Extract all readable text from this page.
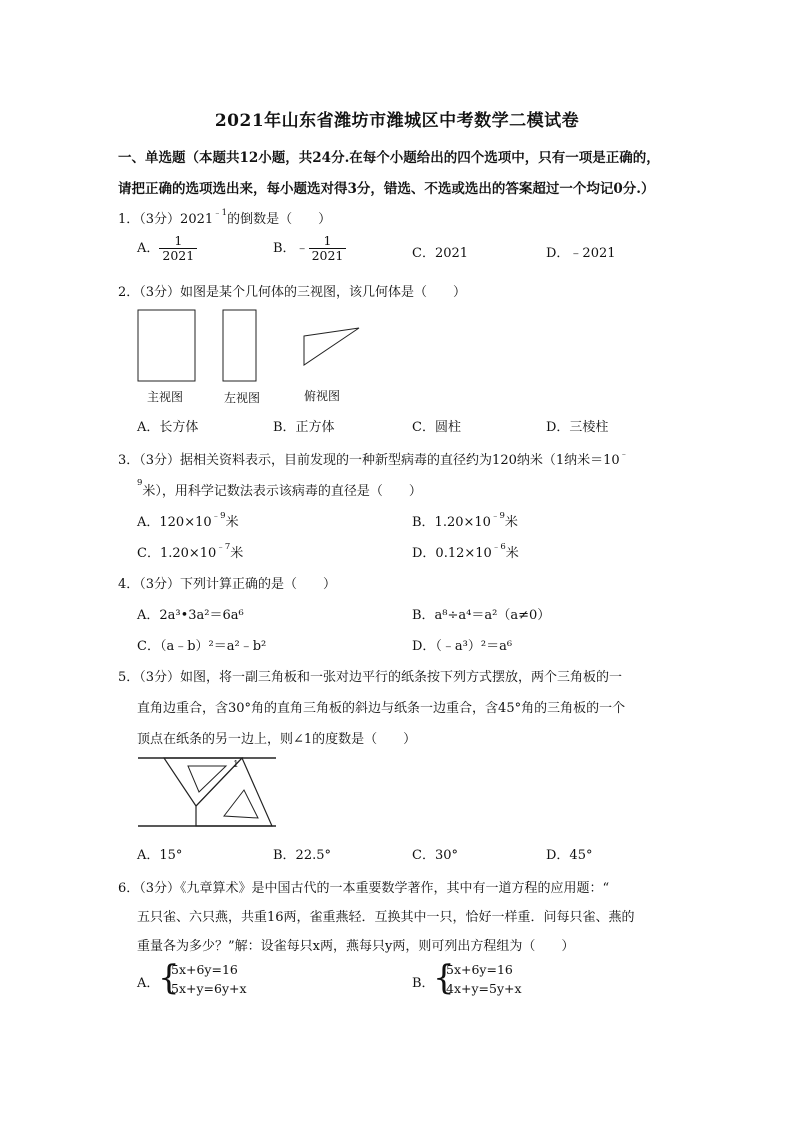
2021年山东省潍坊市潍城区中考数学二模试卷
一、单选题（本题共12小题，共24分.在每个小题给出的四个选项中，只有一项是正确的，
请把正确的选项选出来，每小题选对得3分，错选、不选或选出的答案超过一个均记0分.）
1．（3分）$2021^{﹣1}$的倒数是（　　）
A． $\frac{1}{2021}$	B．﹣ $\frac{1}{2021}$	C．2021	D．﹣2021
2．（3分）如图是某个几何体的三视图，该几何体是（　　）
主视图	左视图	俯视图
A．长方体	B．正方体	C．圆柱	D．三棱柱
3．（3分）据相关资料表示，目前发现的一种新型病毒的直径约为120纳米（1纳米＝10﹣
$^9$米），用科学记数法表示该病毒的直径是（　　）
A．$120\times 10^{﹣9}$米	B．$1.20\times 10^{﹣9}$米
C．$1.20\times 10^{﹣7}$米	D．$0.12\times 10^{﹣6}$米
4．（3分）下列计算正确的是（　　）
A．2a³•3a²＝6a⁶	B．a⁸÷a⁴＝a²（a≠0）
C．（a﹣b）²＝a²﹣b²	D．（﹣a³）²＝a⁶
5．（3分）如图，将一副三角板和一张对边平行的纸条按下列方式摆放，两个三角板的一
直角边重合，含30°角的直角三角板的斜边与纸条一边重合，含45°角的三角板的一个
顶点在纸条的另一边上，则∠1的度数是（　　）
1
A．15°	B．22.5°	C．30°	D．45°
6．（3分）《九章算术》是中国古代的一本重要数学著作，其中有一道方程的应用题：“
五只雀、六只燕，共重16两，雀重燕轻．互换其中一只，恰好一样重．问每只雀、燕的
重量各为多少？”解：设雀每只x两，燕每只y两，则可列出方程组为（　　）
A．
{
5x+6y=16
5x+y=6y+x	B．
{
5x+6y=16
4x+y=5y+x
